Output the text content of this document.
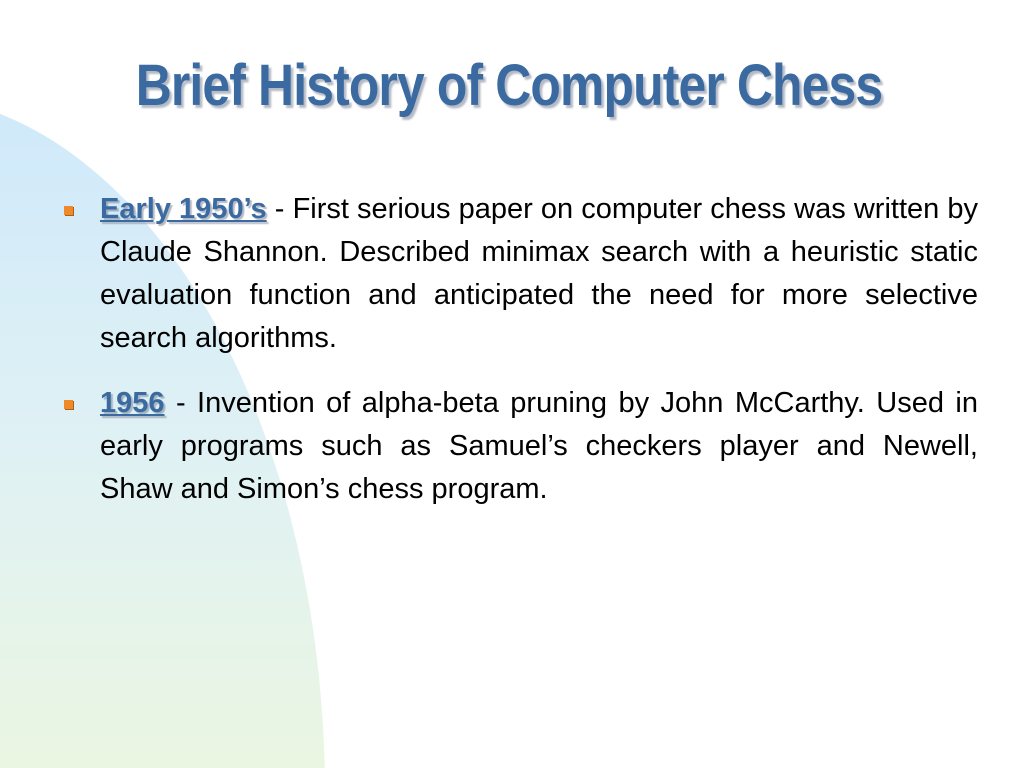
Brief History of Computer Chess
Early 1950’s - First serious paper on computer chess was written by Claude Shannon. Described minimax search with a heuristic static evaluation function and anticipated the need for more selective search algorithms.
1956 - Invention of alpha-beta pruning by John McCarthy. Used in early programs such as Samuel’s checkers player and Newell, Shaw and Simon’s chess program.
